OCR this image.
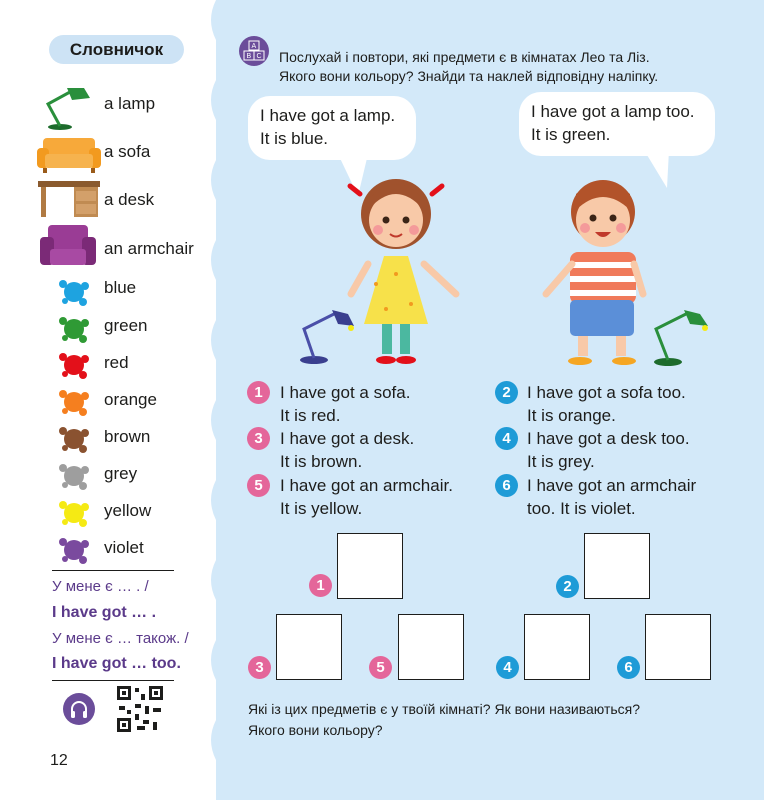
Словничок
a lamp
a sofa
a desk
an armchair
blue
green
red
orange
brown
grey
yellow
violet
У мене є … . /
I have got … .
У мене є … також. /
I have got … too.
12
A
B C Послухай і повтори, які предмети є в кімнатах Лео та Ліз.
Якого вони кольору? Знайди та наклей відповідну наліпку.
I have got a lamp.
It is blue.
I have got a lamp too.
It is green.
1	I have got a sofa.
It is red.
2 I have got a sofa too.
It is orange.
3	I have got a desk.
It is brown.
4 I have got a desk too.
It is grey.
5	I have got an armchair.
It is yellow.
6 I have got an armchair
too. It is violet.
1	2
3	5	4	6
Які із цих предметів є у твоїй кімнаті? Як вони називаються?
Якого вони кольору?
